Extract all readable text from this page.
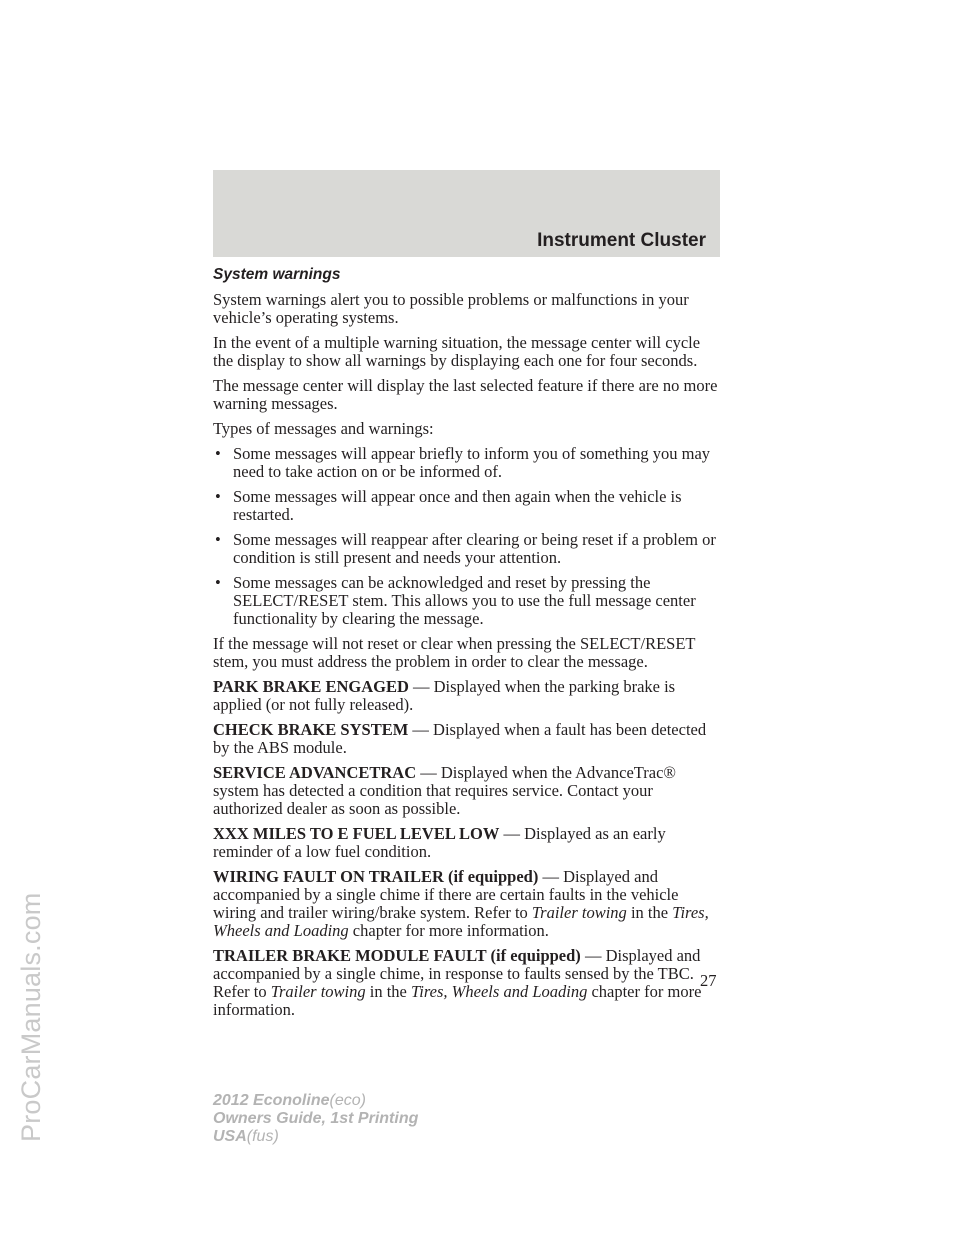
Instrument Cluster
ProCarManuals.com
System warnings

System warnings alert you to possible problems or malfunctions in your vehicle’s operating systems.

In the event of a multiple warning situation, the message center will cycle the display to show all warnings by displaying each one for four seconds.

The message center will display the last selected feature if there are no more warning messages.

Types of messages and warnings:

• Some messages will appear briefly to inform you of something you may need to take action on or be informed of.
• Some messages will appear once and then again when the vehicle is restarted.
• Some messages will reappear after clearing or being reset if a problem or condition is still present and needs your attention.
• Some messages can be acknowledged and reset by pressing the SELECT/RESET stem. This allows you to use the full message center functionality by clearing the message.

If the message will not reset or clear when pressing the SELECT/RESET stem, you must address the problem in order to clear the message.

PARK BRAKE ENGAGED — Displayed when the parking brake is applied (or not fully released).

CHECK BRAKE SYSTEM — Displayed when a fault has been detected by the ABS module.

SERVICE ADVANCETRAC — Displayed when the AdvanceTrac® system has detected a condition that requires service. Contact your authorized dealer as soon as possible.

XXX MILES TO E FUEL LEVEL LOW — Displayed as an early reminder of a low fuel condition.

WIRING FAULT ON TRAILER (if equipped) — Displayed and accompanied by a single chime if there are certain faults in the vehicle wiring and trailer wiring/brake system. Refer to Trailer towing in the Tires, Wheels and Loading chapter for more information.

TRAILER BRAKE MODULE FAULT (if equipped) — Displayed and accompanied by a single chime, in response to faults sensed by the TBC. Refer to Trailer towing in the Tires, Wheels and Loading chapter for more information.

27
2012 Econoline(eco)
Owners Guide, 1st Printing
USA(fus)
